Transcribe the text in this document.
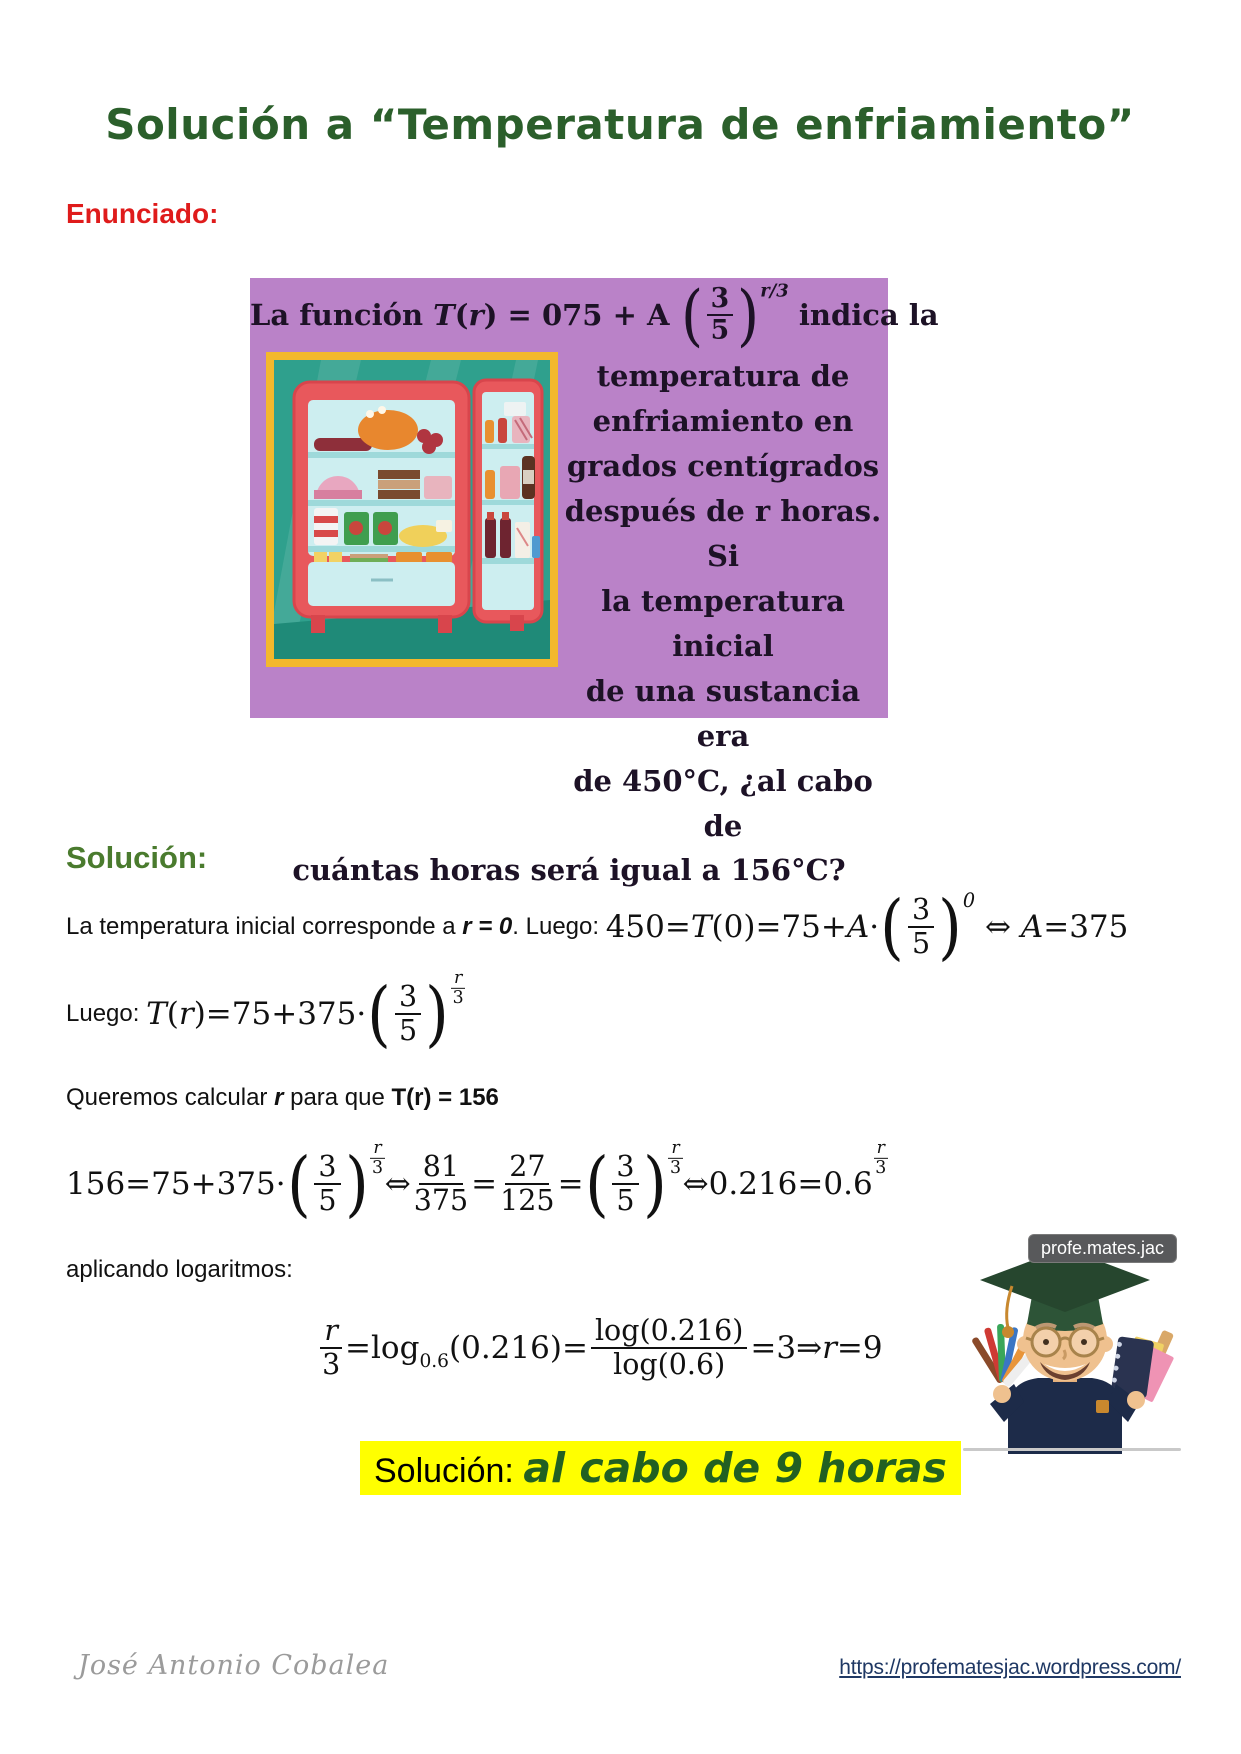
Solución a “Temperatura de enfriamiento”
Enunciado:
La función T ( r ) = 075 + A ( 3
5 ) r/3
indica la
temperatura de
enfriamiento en
grados centígrados
después de r horas. Si
la temperatura inicial
de una sustancia era
de 450°C, ¿al cabo de
cuántas horas será igual a 156°C?
Solución:
La temperatura inicial corresponde a r = 0 . Luego: 450= T (0)=75+ A · ( 3
5 ) 0
⇔ A =375
Luego: T ( r )=75+375· ( 3
5 ) r
3
Queremos calcular r para que T(r) = 156
156=75+375· ( 3
5 ) r
3 ⇔ $\frac{81}{375} = \frac{27}{125}$ = ( 3
5 ) r
3 ⇔0.216=0.6
r
3
aplicando logaritmos:
$\frac{r}{3} =\log$ 0.6 $(0.216)= \frac{\log(0.216)}{\log(0.6)}$ =3⇒ r =9
profe.mates.jac
Solución: al cabo de 9 horas
José Antonio Cobalea	https://profematesjac.wordpress.com/
